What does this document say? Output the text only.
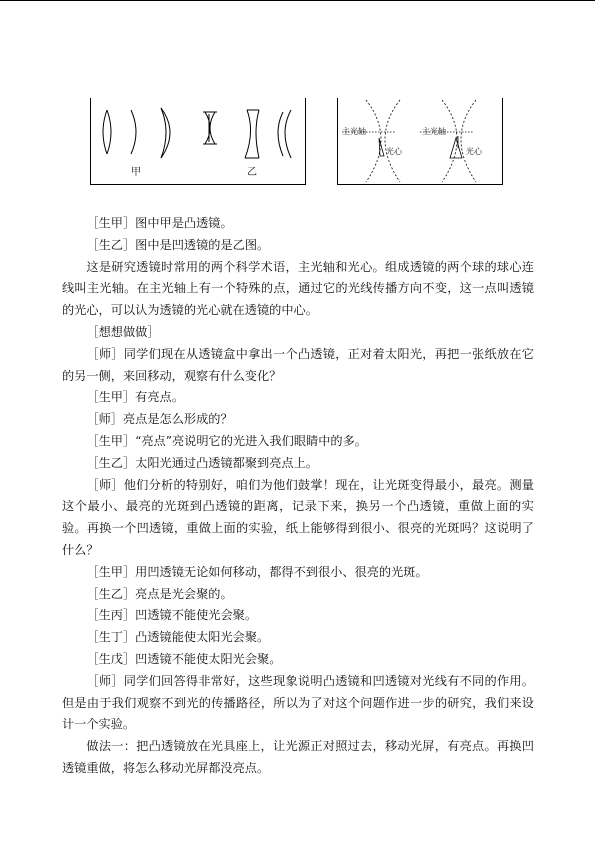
甲	乙
主光轴
光心
主光轴
光心

［生甲］图中甲是凸透镜。

［生乙］图中是凹透镜的是乙图。

这是研究透镜时常用的两个科学术语，主光轴和光心。组成透镜的两个球的球心连线叫主光轴。在主光轴上有一个特殊的点，通过它的光线传播方向不变，这一点叫透镜的光心，可以认为透镜的光心就在透镜的中心。

［想想做做］

［师］同学们现在从透镜盒中拿出一个凸透镜，正对着太阳光，再把一张纸放在它的另一侧，来回移动，观察有什么变化？

［生甲］有亮点。

［师］亮点是怎么形成的？

［生甲］“亮点”亮说明它的光进入我们眼睛中的多。

［生乙］太阳光通过凸透镜都聚到亮点上。

［师］他们分析的特别好，咱们为他们鼓掌！现在，让光斑变得最小，最亮。测量这个最小、最亮的光斑到凸透镜的距离，记录下来，换另一个凸透镜，重做上面的实验。再换一个凹透镜，重做上面的实验，纸上能够得到很小、很亮的光斑吗？这说明了什么？

［生甲］用凹透镜无论如何移动，都得不到很小、很亮的光斑。

［生乙］亮点是光会聚的。

［生丙］凹透镜不能使光会聚。

［生丁］凸透镜能使太阳光会聚。

［生戊］凹透镜不能使太阳光会聚。

［师］同学们回答得非常好，这些现象说明凸透镜和凹透镜对光线有不同的作用。但是由于我们观察不到光的传播路径，所以为了对这个问题作进一步的研究，我们来设计一个实验。

做法一：把凸透镜放在光具座上，让光源正对照过去，移动光屏，有亮点。再换凹透镜重做，将怎么移动光屏都没亮点。
